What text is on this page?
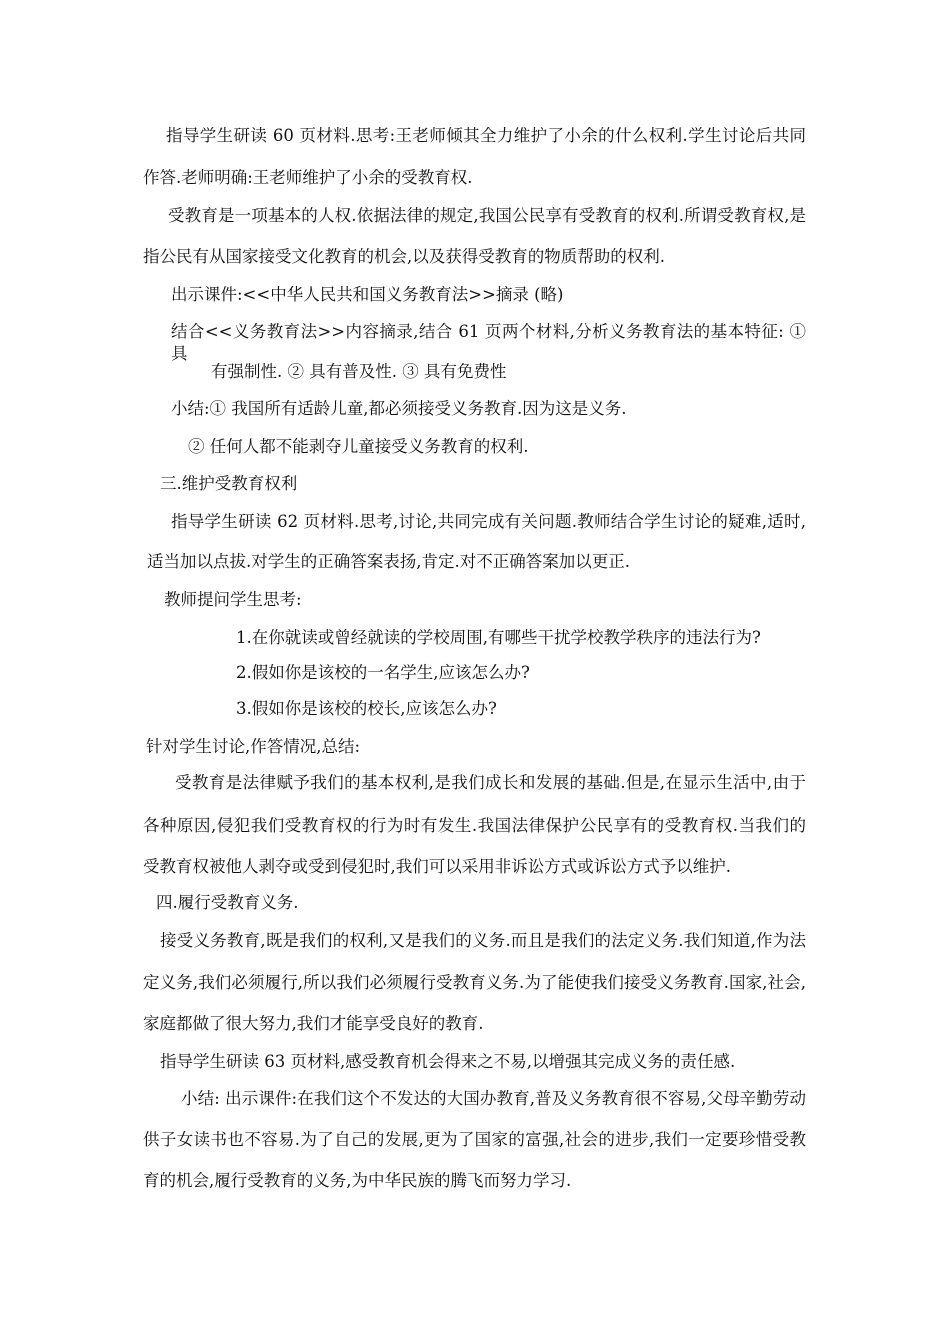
指导学生研读 60 页材料.思考:王老师倾其全力维护了小余的什么权利.学生讨论后共同
作答.老师明确:王老师维护了小余的受教育权.
受教育是一项基本的人权.依据法律的规定,我国公民享有受教育的权利.所谓受教育权,是
指公民有从国家接受文化教育的机会,以及获得受教育的物质帮助的权利.
出示课件:<<中华人民共和国义务教育法>>摘录 (略)
结合<<义务教育法>>内容摘录,结合 61 页两个材料,分析义务教育法的基本特征: ① 具
有强制性. ② 具有普及性. ③ 具有免费性
小结:① 我国所有适龄儿童,都必须接受义务教育.因为这是义务.
② 任何人都不能剥夺儿童接受义务教育的权利.
三.维护受教育权利
指导学生研读 62 页材料.思考,讨论,共同完成有关问题.教师结合学生讨论的疑难,适时,
适当加以点拔.对学生的正确答案表扬,肯定.对不正确答案加以更正.
教师提问学生思考:
1.在你就读或曾经就读的学校周围,有哪些干扰学校教学秩序的违法行为?
2.假如你是该校的一名学生,应该怎么办?
3.假如你是该校的校长,应该怎么办?
针对学生讨论,作答情况,总结:
受教育是法律赋予我们的基本权利,是我们成长和发展的基础.但是,在显示生活中,由于
各种原因,侵犯我们受教育权的行为时有发生.我国法律保护公民享有的受教育权.当我们的
受教育权被他人剥夺或受到侵犯时,我们可以采用非诉讼方式或诉讼方式予以维护.
四.履行受教育义务.
接受义务教育,既是我们的权利,又是我们的义务.而且是我们的法定义务.我们知道,作为法
定义务,我们必须履行,所以我们必须履行受教育义务.为了能使我们接受义务教育.国家,社会,
家庭都做了很大努力,我们才能享受良好的教育.
指导学生研读 63 页材料,感受教育机会得来之不易,以增强其完成义务的责任感.
小结: 出示课件:在我们这个不发达的大国办教育,普及义务教育很不容易,父母辛勤劳动
供子女读书也不容易.为了自己的发展,更为了国家的富强,社会的进步,我们一定要珍惜受教
育的机会,履行受教育的义务,为中华民族的腾飞而努力学习.
